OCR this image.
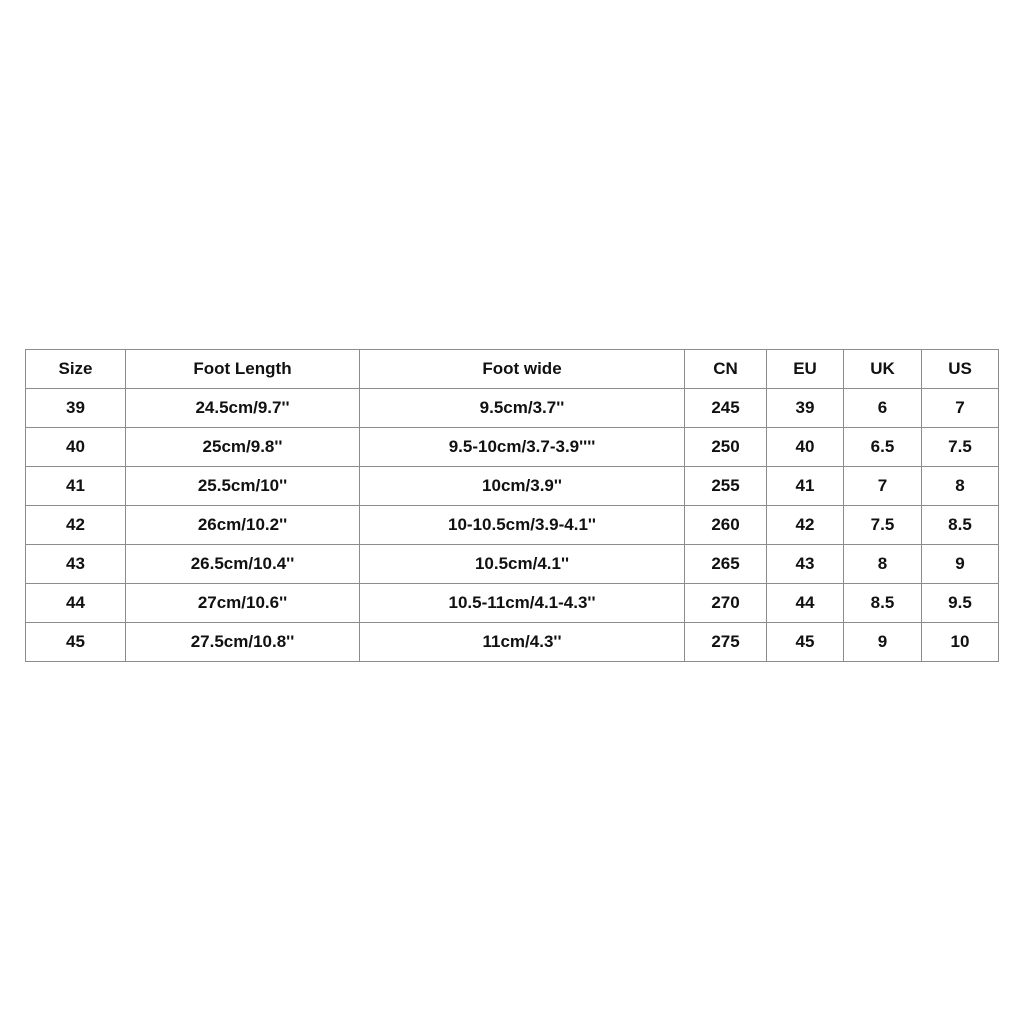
Size	Foot Length	Foot wide	CN	EU	UK	US
39	24.5cm/9.7''	9.5cm/3.7''	245	39	6	7
40	25cm/9.8''	9.5-10cm/3.7-3.9''''	250	40	6.5	7.5
41	25.5cm/10''	10cm/3.9''	255	41	7	8
42	26cm/10.2''	10-10.5cm/3.9-4.1''	260	42	7.5	8.5
43	26.5cm/10.4''	10.5cm/4.1''	265	43	8	9
44	27cm/10.6''	10.5-11cm/4.1-4.3''	270	44	8.5	9.5
45	27.5cm/10.8''	11cm/4.3''	275	45	9	10
